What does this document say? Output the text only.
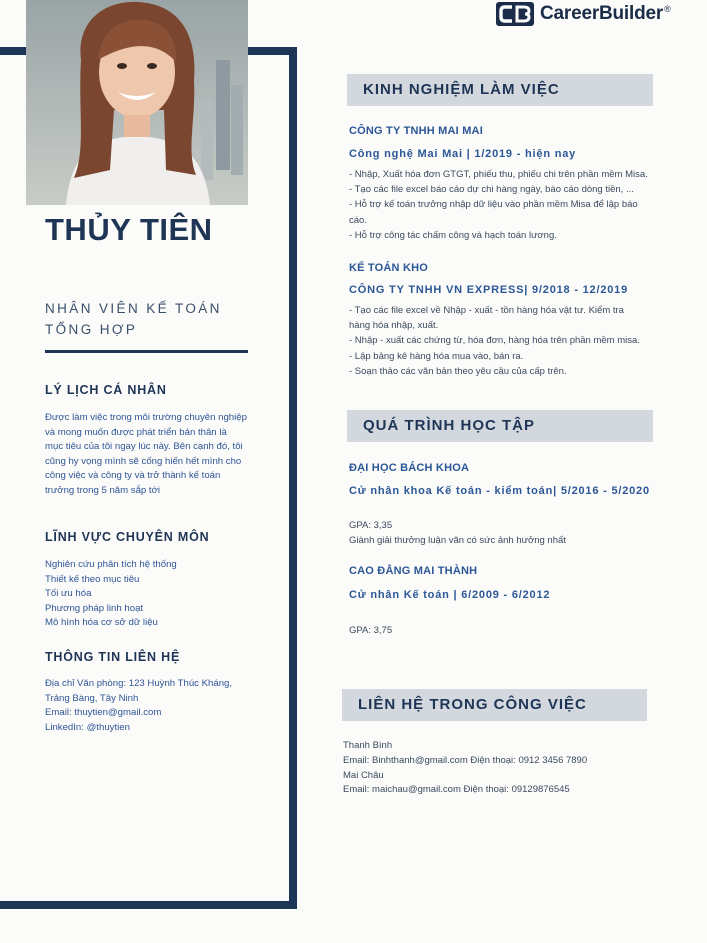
CareerBuilder ®
THỦY TIÊN
NHÂN VIÊN KẾ TOÁN
TỔNG HỢP
LÝ LỊCH CÁ NHÂN
Được làm việc trong môi trường chuyên nghiệp
và mong muốn được phát triển bản thân là
mục tiêu của tôi ngay lúc này. Bên cạnh đó, tôi
cũng hy vọng mình sẽ cống hiến hết mình cho
công việc và công ty và trở thành kế toán
trưởng trong 5 năm sắp tới
LĨNH VỰC CHUYÊN MÔN
Nghiên cứu phân tích hệ thống
Thiết kế theo mục tiêu
Tối ưu hóa
Phương pháp linh hoạt
Mô hình hóa cơ sở dữ liệu
THÔNG TIN LIÊN HỆ
Địa chỉ Văn phòng: 123 Huỳnh Thúc Kháng,
Trảng Bàng, Tây Ninh
Email: thuytien@gmail.com
LinkedIn: @thuytien
KINH NGHIỆM LÀM VIỆC
CÔNG TY TNHH MAI MAI
Công nghệ Mai Mai | 1/2019 - hiện nay
- Nhập, Xuất hóa đơn GTGT, phiếu thu, phiếu chi trên phần mềm Misa.
- Tạo các file excel báo cáo dự chi hàng ngày, báo cáo dòng tiền, ...
- Hỗ trợ kế toán trưởng nhập dữ liệu vào phần mềm Misa để lập báo
cáo.
- Hỗ trợ công tác chấm công và hạch toán lương.
KẾ TOÁN KHO
CÔNG TY TNHH VN EXPRESS| 9/2018 - 12/2019
- Tạo các file excel về Nhập - xuất - tồn hàng hóa vật tư. Kiểm tra
hàng hóa nhập, xuất.
- Nhập - xuất các chứng từ, hóa đơn, hàng hóa trên phần mềm misa.
- Lập bảng kê hàng hóa mua vào, bán ra.
- Soạn thảo các văn bản theo yêu cầu của cấp trên.
QUÁ TRÌNH HỌC TẬP
ĐẠI HỌC BÁCH KHOA
Cử nhân khoa Kế toán - kiểm toán| 5/2016 - 5/2020
GPA: 3,35
Giành giải thưởng luận văn có sức ảnh hưởng nhất
CAO ĐẲNG MAI THÀNH
Cử nhân Kế toán | 6/2009 - 6/2012
GPA: 3,75
LIÊN HỆ TRONG CÔNG VIỆC
Thanh Bình
Email: Binhthanh@gmail.com Điện thoại: 0912 3456 7890
Mai Châu
Email: maichau@gmail.com Điện thoại: 09129876545
